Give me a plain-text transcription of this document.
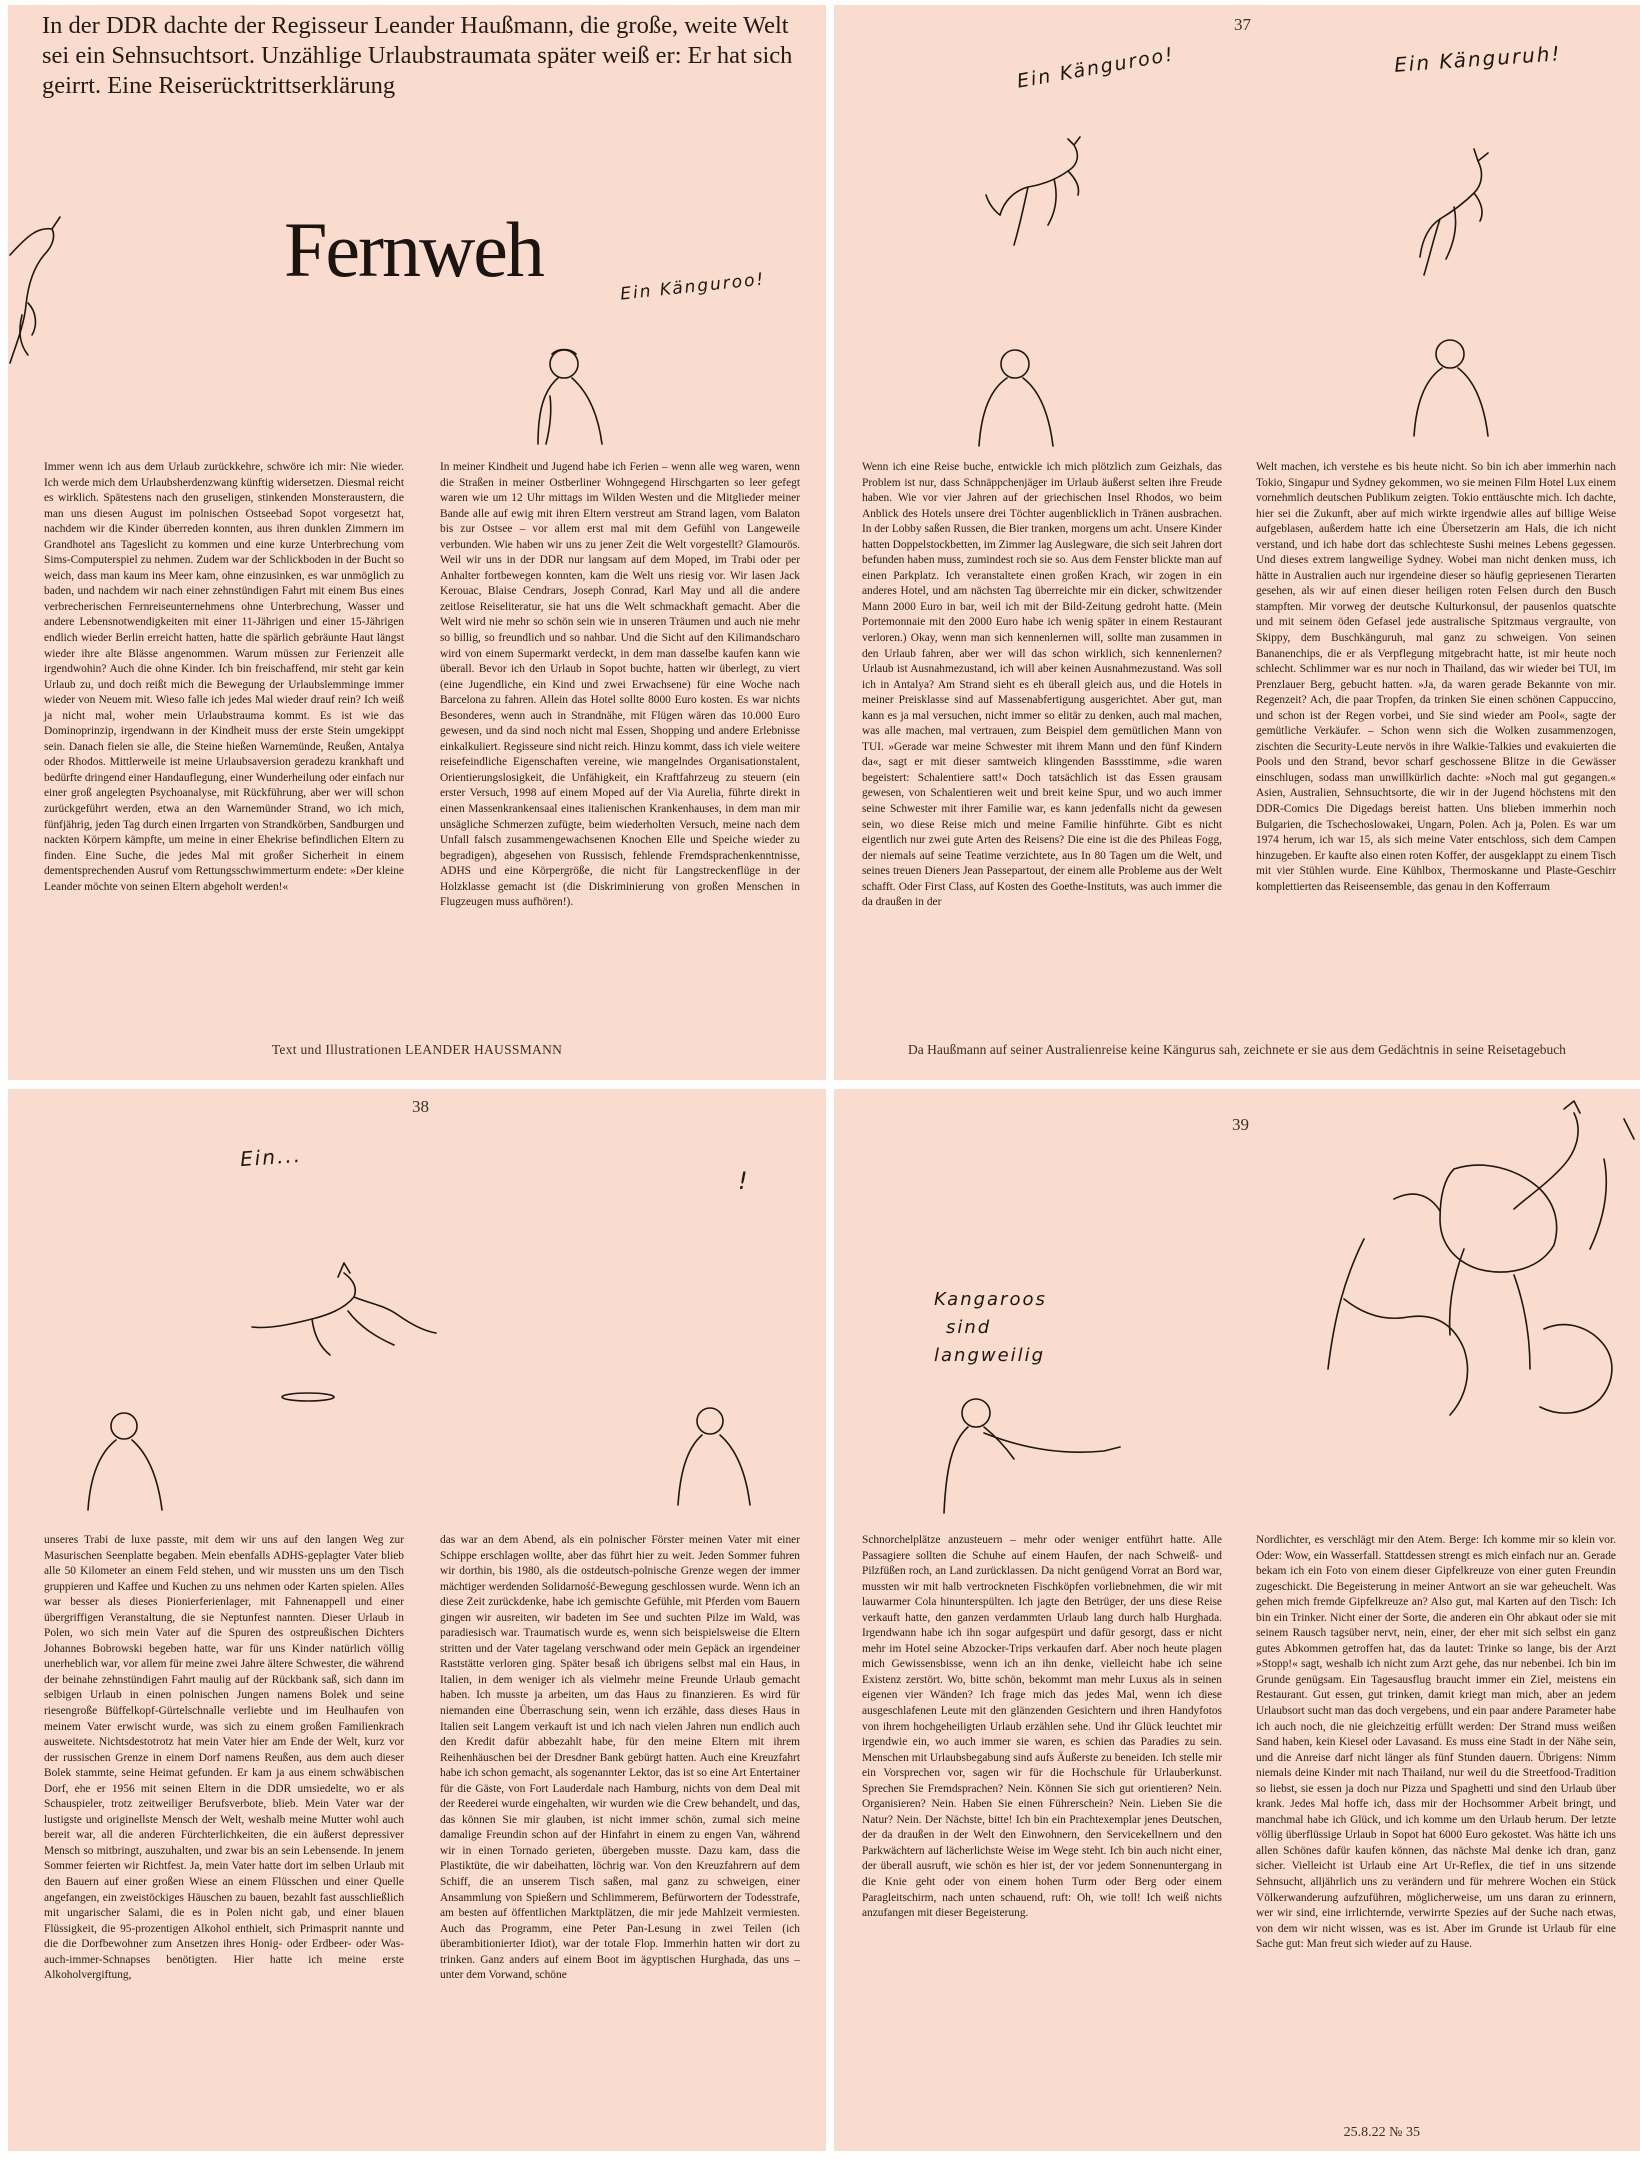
In der DDR dachte der Regisseur Leander Haußmann, die große, weite Welt sei ein Sehnsuchtsort. Unzählige Urlaubstraumata später weiß er: Er hat sich geirrt. Eine Reiserücktrittserklärung
Fernweh	Ein Känguroo!
Immer wenn ich aus dem Urlaub zurückkehre, schwöre ich mir: Nie wieder. Ich werde mich dem Urlaubsherdenzwang künftig widersetzen. Diesmal reicht es wirklich. Spätestens nach den gruseligen, stinkenden Monsteraustern, die man uns diesen August im polnischen Ostseebad Sopot vorgesetzt hat, nachdem wir die Kinder überreden konnten, aus ihren dunklen Zimmern im Grandhotel ans Tageslicht zu kommen und eine kurze Unterbrechung vom Sims-Computerspiel zu nehmen. Zudem war der Schlickboden in der Bucht so weich, dass man kaum ins Meer kam, ohne einzusinken, es war unmöglich zu baden, und nachdem wir nach einer zehnstündigen Fahrt mit einem Bus eines verbrecherischen Fernreiseunternehmens ohne Unterbrechung, Wasser und andere Lebensnotwendigkeiten mit einer 11-Jährigen und einer 15-Jährigen endlich wieder Berlin erreicht hatten, hatte die spärlich gebräunte Haut längst wieder ihre alte Blässe angenommen. Warum müssen zur Ferienzeit alle irgendwohin? Auch die ohne Kinder. Ich bin freischaffend, mir steht gar kein Urlaub zu, und doch reißt mich die Bewegung der Urlaubslemminge immer wieder von Neuem mit. Wieso falle ich jedes Mal wieder drauf rein? Ich weiß ja nicht mal, woher mein Urlaubstrauma kommt. Es ist wie das Dominoprinzip, irgendwann in der Kindheit muss der erste Stein umgekippt sein. Danach fielen sie alle, die Steine hießen Warnemünde, Reußen, Antalya oder Rhodos. Mittlerweile ist meine Urlaubsaversion geradezu krankhaft und bedürfte dringend einer Handauflegung, einer Wunderheilung oder einfach nur einer groß angelegten Psychoanalyse, mit Rückführung, aber wer will schon zurückgeführt werden, etwa an den Warnemünder Strand, wo ich mich, fünfjährig, jeden Tag durch einen Irrgarten von Strandkörben, Sandburgen und nackten Körpern kämpfte, um meine in einer Ehekrise befindlichen Eltern zu finden. Eine Suche, die jedes Mal mit großer Sicherheit in einem dementsprechenden Ausruf vom Rettungsschwimmerturm endete: »Der kleine Leander möchte von seinen Eltern abgeholt werden!«
In meiner Kindheit und Jugend habe ich Ferien – wenn alle weg waren, wenn die Straßen in meiner Ostberliner Wohngegend Hirschgarten so leer gefegt waren wie um 12 Uhr mittags im Wilden Westen und die Mitglieder meiner Bande alle auf ewig mit ihren Eltern verstreut am Strand lagen, vom Balaton bis zur Ostsee – vor allem erst mal mit dem Gefühl von Langeweile verbunden. Wie haben wir uns zu jener Zeit die Welt vorgestellt? Glamourös. Weil wir uns in der DDR nur langsam auf dem Moped, im Trabi oder per Anhalter fortbewegen konnten, kam die Welt uns riesig vor. Wir lasen Jack Kerouac, Blaise Cendrars, Joseph Conrad, Karl May und all die andere zeitlose Reiseliteratur, sie hat uns die Welt schmackhaft gemacht. Aber die Welt wird nie mehr so schön sein wie in unseren Träumen und auch nie mehr so billig, so freundlich und so nahbar. Und die Sicht auf den Kilimandscharo wird von einem Supermarkt verdeckt, in dem man dasselbe kaufen kann wie überall. Bevor ich den Urlaub in Sopot buchte, hatten wir überlegt, zu viert (eine Jugendliche, ein Kind und zwei Erwachsene) für eine Woche nach Barcelona zu fahren. Allein das Hotel sollte 8000 Euro kosten. Es war nichts Besonderes, wenn auch in Strandnähe, mit Flügen wären das 10.000 Euro gewesen, und da sind noch nicht mal Essen, Shopping und andere Erlebnisse einkalkuliert. Regisseure sind nicht reich. Hinzu kommt, dass ich viele weitere reisefeindliche Eigenschaften vereine, wie mangelndes Organisationstalent, Orientierungslosigkeit, die Unfähigkeit, ein Kraftfahrzeug zu steuern (ein erster Versuch, 1998 auf einem Moped auf der Via Aurelia, führte direkt in einen Massenkrankensaal eines italienischen Krankenhauses, in dem man mir unsägliche Schmerzen zufügte, beim wiederholten Versuch, meine nach dem Unfall falsch zusammengewachsenen Knochen Elle und Speiche wieder zu begradigen), abgesehen von Russisch, fehlende Fremdsprachenkenntnisse, ADHS und eine Körpergröße, die nicht für Langstreckenflüge in der Holzklasse gemacht ist (die Diskriminierung von großen Menschen in Flugzeugen muss aufhören!).
Text und Illustrationen LEANDER HAUSSMANN
37
Ein Känguroo!	Ein Känguruh!
Wenn ich eine Reise buche, entwickle ich mich plötzlich zum Geizhals, das Problem ist nur, dass Schnäppchenjäger im Urlaub äußerst selten ihre Freude haben. Wie vor vier Jahren auf der griechischen Insel Rhodos, wo beim Anblick des Hotels unsere drei Töchter augenblicklich in Tränen ausbrachen. In der Lobby saßen Russen, die Bier tranken, morgens um acht. Unsere Kinder hatten Doppelstockbetten, im Zimmer lag Auslegware, die sich seit Jahren dort befunden haben muss, zumindest roch sie so. Aus dem Fenster blickte man auf einen Parkplatz. Ich veranstaltete einen großen Krach, wir zogen in ein anderes Hotel, und am nächsten Tag überreichte mir ein dicker, schwitzender Mann 2000 Euro in bar, weil ich mit der Bild-Zeitung gedroht hatte. (Mein Portemonnaie mit den 2000 Euro habe ich wenig später in einem Restaurant verloren.) Okay, wenn man sich kennenlernen will, sollte man zusammen in den Urlaub fahren, aber wer will das schon wirklich, sich kennenlernen? Urlaub ist Ausnahmezustand, ich will aber keinen Ausnahmezustand. Was soll ich in Antalya? Am Strand sieht es eh überall gleich aus, und die Hotels in meiner Preisklasse sind auf Massenabfertigung ausgerichtet. Aber gut, man kann es ja mal versuchen, nicht immer so elitär zu denken, auch mal machen, was alle machen, mal vertrauen, zum Beispiel dem gemütlichen Mann von TUI. »Gerade war meine Schwester mit ihrem Mann und den fünf Kindern da«, sagt er mit dieser samtweich klingenden Bassstimme, »die waren begeistert: Schalentiere satt!« Doch tatsächlich ist das Essen grausam gewesen, von Schalentieren weit und breit keine Spur, und wo auch immer seine Schwester mit ihrer Familie war, es kann jedenfalls nicht da gewesen sein, wo diese Reise mich und meine Familie hinführte. Gibt es nicht eigentlich nur zwei gute Arten des Reisens? Die eine ist die des Phileas Fogg, der niemals auf seine Teatime verzichtete, aus In 80 Tagen um die Welt, und seines treuen Dieners Jean Passepartout, der einem alle Probleme aus der Welt schafft. Oder First Class, auf Kosten des Goethe-Instituts, was auch immer die da draußen in der
Welt machen, ich verstehe es bis heute nicht. So bin ich aber immerhin nach Tokio, Singapur und Sydney gekommen, wo sie meinen Film Hotel Lux einem vornehmlich deutschen Publikum zeigten. Tokio enttäuschte mich. Ich dachte, hier sei die Zukunft, aber auf mich wirkte irgendwie alles auf billige Weise aufgeblasen, außerdem hatte ich eine Übersetzerin am Hals, die ich nicht verstand, und ich habe dort das schlechteste Sushi meines Lebens gegessen. Und dieses extrem langweilige Sydney. Wobei man nicht denken muss, ich hätte in Australien auch nur irgendeine dieser so häufig gepriesenen Tierarten gesehen, als wir auf einen dieser heiligen roten Felsen durch den Busch stampften. Mir vorweg der deutsche Kulturkonsul, der pausenlos quatschte und mit seinem öden Gefasel jede australische Spitzmaus vergraulte, von Skippy, dem Buschkänguruh, mal ganz zu schweigen. Von seinen Bananenchips, die er als Verpflegung mitgebracht hatte, ist mir heute noch schlecht. Schlimmer war es nur noch in Thailand, das wir wieder bei TUI, im Prenzlauer Berg, gebucht hatten. »Ja, da waren gerade Bekannte von mir. Regenzeit? Ach, die paar Tropfen, da trinken Sie einen schönen Cappuccino, und schon ist der Regen vorbei, und Sie sind wieder am Pool«, sagte der gemütliche Verkäufer. – Schon wenn sich die Wolken zusammenzogen, zischten die Security-Leute nervös in ihre Walkie-Talkies und evakuierten die Pools und den Strand, bevor scharf geschossene Blitze in die Gewässer einschlugen, sodass man unwillkürlich dachte: »Noch mal gut gegangen.« Asien, Australien, Sehnsuchtsorte, die wir in der Jugend höchstens mit den DDR-Comics Die Digedags bereist hatten. Uns blieben immerhin noch Bulgarien, die Tschechoslowakei, Ungarn, Polen. Ach ja, Polen. Es war um 1974 herum, ich war 15, als sich meine Vater entschloss, sich dem Campen hinzugeben. Er kaufte also einen roten Koffer, der ausgeklappt zu einem Tisch mit vier Stühlen wurde. Eine Kühlbox, Thermoskanne und Plaste-Geschirr komplettierten das Reiseensemble, das genau in den Kofferraum
Da Haußmann auf seiner Australienreise keine Kängurus sah, zeichnete er sie aus dem Gedächtnis in seine Reisetagebuch
38
Ein...
!
unseres Trabi de luxe passte, mit dem wir uns auf den langen Weg zur Masurischen Seenplatte begaben. Mein ebenfalls ADHS-geplagter Vater blieb alle 50 Kilometer an einem Feld stehen, und wir mussten uns um den Tisch gruppieren und Kaffee und Kuchen zu uns nehmen oder Karten spielen. Alles war besser als dieses Pionierferienlager, mit Fahnenappell und einer übergriffigen Veranstaltung, die sie Neptunfest nannten. Dieser Urlaub in Polen, wo sich mein Vater auf die Spuren des ostpreußischen Dichters Johannes Bobrowski begeben hatte, war für uns Kinder natürlich völlig unerheblich war, vor allem für meine zwei Jahre ältere Schwester, die während der beinahe zehnstündigen Fahrt maulig auf der Rückbank saß, sich dann im selbigen Urlaub in einen polnischen Jungen namens Bolek und seine riesengroße Büffelkopf-Gürtelschnalle verliebte und im Heulhaufen von meinem Vater erwischt wurde, was sich zu einem großen Familienkrach ausweitete. Nichtsdestotrotz hat mein Vater hier am Ende der Welt, kurz vor der russischen Grenze in einem Dorf namens Reußen, aus dem auch dieser Bolek stammte, seine Heimat gefunden. Er kam ja aus einem schwäbischen Dorf, ehe er 1956 mit seinen Eltern in die DDR umsiedelte, wo er als Schauspieler, trotz zeitweiliger Berufsverbote, blieb. Mein Vater war der lustigste und originellste Mensch der Welt, weshalb meine Mutter wohl auch bereit war, all die anderen Fürchterlichkeiten, die ein äußerst depressiver Mensch so mitbringt, auszuhalten, und zwar bis an sein Lebensende. In jenem Sommer feierten wir Richtfest. Ja, mein Vater hatte dort im selben Urlaub mit den Bauern auf einer großen Wiese an einem Flüsschen und einer Quelle angefangen, ein zweistöckiges Häuschen zu bauen, bezahlt fast ausschließlich mit ungarischer Salami, die es in Polen nicht gab, und einer blauen Flüssigkeit, die 95-prozentigen Alkohol enthielt, sich Primasprit nannte und die die Dorfbewohner zum Ansetzen ihres Honig- oder Erdbeer- oder Was-auch-immer-Schnapses benötigten. Hier hatte ich meine erste Alkoholvergiftung,
das war an dem Abend, als ein polnischer Förster meinen Vater mit einer Schippe erschlagen wollte, aber das führt hier zu weit. Jeden Sommer fuhren wir dorthin, bis 1980, als die ostdeutsch-polnische Grenze wegen der immer mächtiger werdenden Solidarność-Bewegung geschlossen wurde. Wenn ich an diese Zeit zurückdenke, habe ich gemischte Gefühle, mit Pferden vom Bauern gingen wir ausreiten, wir badeten im See und suchten Pilze im Wald, was paradiesisch war. Traumatisch wurde es, wenn sich beispielsweise die Eltern stritten und der Vater tagelang verschwand oder mein Gepäck an irgendeiner Raststätte verloren ging. Später besaß ich übrigens selbst mal ein Haus, in Italien, in dem weniger ich als vielmehr meine Freunde Urlaub gemacht haben. Ich musste ja arbeiten, um das Haus zu finanzieren. Es wird für niemanden eine Überraschung sein, wenn ich erzähle, dass dieses Haus in Italien seit Langem verkauft ist und ich nach vielen Jahren nun endlich auch den Kredit dafür abbezahlt habe, für den meine Eltern mit ihrem Reihenhäuschen bei der Dresdner Bank gebürgt hatten. Auch eine Kreuzfahrt habe ich schon gemacht, als sogenannter Lektor, das ist so eine Art Entertainer für die Gäste, von Fort Lauderdale nach Hamburg, nichts von dem Deal mit der Reederei wurde eingehalten, wir wurden wie die Crew behandelt, und das, das können Sie mir glauben, ist nicht immer schön, zumal sich meine damalige Freundin schon auf der Hinfahrt in einem zu engen Van, während wir in einen Tornado gerieten, übergeben musste. Dazu kam, dass die Plastiktüte, die wir dabeihatten, löchrig war. Von den Kreuzfahrern auf dem Schiff, die an unserem Tisch saßen, mal ganz zu schweigen, einer Ansammlung von Spießern und Schlimmerem, Befürwortern der Todesstrafe, am besten auf öffentlichen Marktplätzen, die mir jede Mahlzeit vermiesten. Auch das Programm, eine Peter Pan-Lesung in zwei Teilen (ich überambitionierter Idiot), war der totale Flop. Immerhin hatten wir dort zu trinken. Ganz anders auf einem Boot im ägyptischen Hurghada, das uns – unter dem Vorwand, schöne
39
Kangaroos
sind
langweilig
Schnorchelplätze anzusteuern – mehr oder weniger entführt hatte. Alle Passagiere sollten die Schuhe auf einem Haufen, der nach Schweiß- und Pilzfüßen roch, an Land zurücklassen. Da nicht genügend Vorrat an Bord war, mussten wir mit halb vertrockneten Fischköpfen vorliebnehmen, die wir mit lauwarmer Cola hinunterspülten. Ich jagte den Betrüger, der uns diese Reise verkauft hatte, den ganzen verdammten Urlaub lang durch halb Hurghada. Irgendwann habe ich ihn sogar aufgespürt und dafür gesorgt, dass er nicht mehr im Hotel seine Abzocker-Trips verkaufen darf. Aber noch heute plagen mich Gewissensbisse, wenn ich an ihn denke, vielleicht habe ich seine Existenz zerstört. Wo, bitte schön, bekommt man mehr Luxus als in seinen eigenen vier Wänden? Ich frage mich das jedes Mal, wenn ich diese ausgeschlafenen Leute mit den glänzenden Gesichtern und ihren Handyfotos von ihrem hochgeheiligten Urlaub erzählen sehe. Und ihr Glück leuchtet mir irgendwie ein, wo auch immer sie waren, es schien das Paradies zu sein. Menschen mit Urlaubsbegabung sind aufs Äußerste zu beneiden. Ich stelle mir ein Vorsprechen vor, sagen wir für die Hochschule für Urlauberkunst. Sprechen Sie Fremdsprachen? Nein. Können Sie sich gut orientieren? Nein. Organisieren? Nein. Haben Sie einen Führerschein? Nein. Lieben Sie die Natur? Nein. Der Nächste, bitte! Ich bin ein Prachtexemplar jenes Deutschen, der da draußen in der Welt den Einwohnern, den Servicekellnern und den Parkwächtern auf lächerlichste Weise im Wege steht. Ich bin auch nicht einer, der überall ausruft, wie schön es hier ist, der vor jedem Sonnenuntergang in die Knie geht oder von einem hohen Turm oder Berg oder einem Paragleitschirm, nach unten schauend, ruft: Oh, wie toll! Ich weiß nichts anzufangen mit dieser Begeisterung.
Nordlichter, es verschlägt mir den Atem. Berge: Ich komme mir so klein vor. Oder: Wow, ein Wasserfall. Stattdessen strengt es mich einfach nur an. Gerade bekam ich ein Foto von einem dieser Gipfelkreuze von einer guten Freundin zugeschickt. Die Begeisterung in meiner Antwort an sie war geheuchelt. Was gehen mich fremde Gipfelkreuze an? Also gut, mal Karten auf den Tisch: Ich bin ein Trinker. Nicht einer der Sorte, die anderen ein Ohr abkaut oder sie mit seinem Rausch tagsüber nervt, nein, einer, der eher mit sich selbst ein ganz gutes Abkommen getroffen hat, das da lautet: Trinke so lange, bis der Arzt »Stopp!« sagt, weshalb ich nicht zum Arzt gehe, das nur nebenbei. Ich bin im Grunde genügsam. Ein Tagesausflug braucht immer ein Ziel, meistens ein Restaurant. Gut essen, gut trinken, damit kriegt man mich, aber an jedem Urlaubsort sucht man das doch vergebens, und ein paar andere Parameter habe ich auch noch, die nie gleichzeitig erfüllt werden: Der Strand muss weißen Sand haben, kein Kiesel oder Lavasand. Es muss eine Stadt in der Nähe sein, und die Anreise darf nicht länger als fünf Stunden dauern. Übrigens: Nimm niemals deine Kinder mit nach Thailand, nur weil du die Streetfood-Tradition so liebst, sie essen ja doch nur Pizza und Spaghetti und sind den Urlaub über krank. Jedes Mal hoffe ich, dass mir der Hochsommer Arbeit bringt, und manchmal habe ich Glück, und ich komme um den Urlaub herum. Der letzte völlig überflüssige Urlaub in Sopot hat 6000 Euro gekostet. Was hätte ich uns allen Schönes dafür kaufen können, das nächste Mal denke ich dran, ganz sicher. Vielleicht ist Urlaub eine Art Ur-Reflex, die tief in uns sitzende Sehnsucht, alljährlich uns zu verändern und für mehrere Wochen ein Stück Völkerwanderung aufzuführen, möglicherweise, um uns daran zu erinnern, wer wir sind, eine irrlichternde, verwirrte Spezies auf der Suche nach etwas, von dem wir nicht wissen, was es ist. Aber im Grunde ist Urlaub für eine Sache gut: Man freut sich wieder auf zu Hause.
25.8.22 № 35
